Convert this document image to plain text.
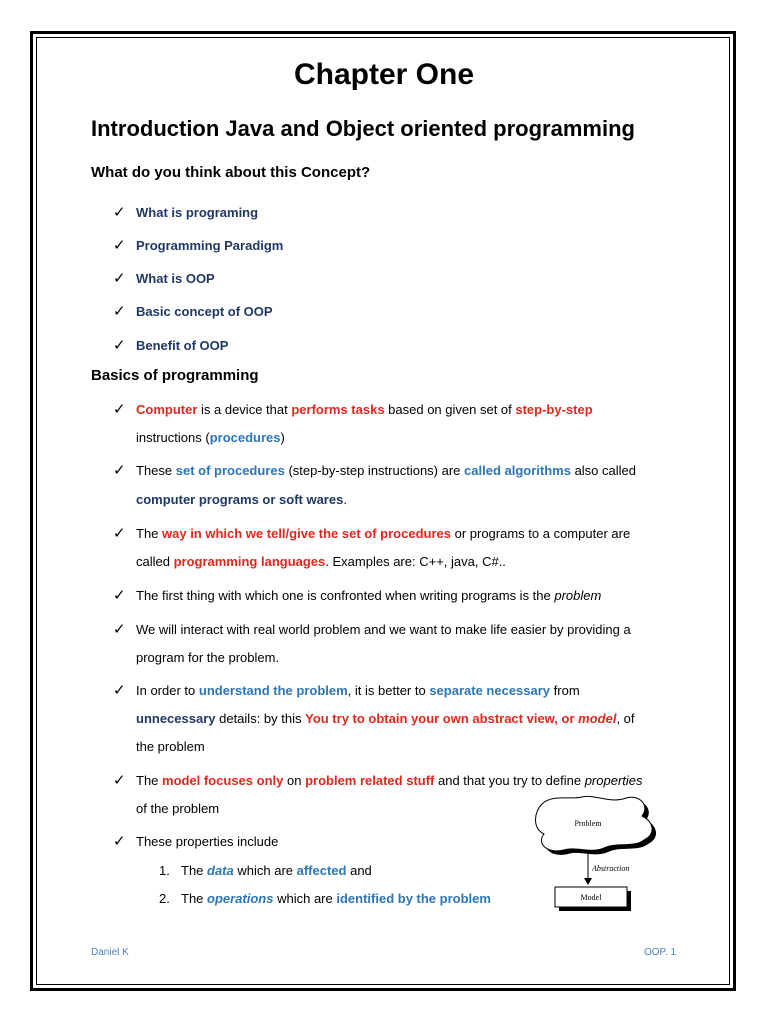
Chapter One
Introduction Java and Object oriented programming
What do you think about this Concept?
✓ What is programing
✓ Programming Paradigm
✓ What is OOP
✓ Basic concept of OOP
✓ Benefit of OOP
Basics of programming
✓ Computer is a device that performs tasks based on given set of step-by-step
instructions (procedures)
✓ These set of procedures (step-by-step instructions) are called algorithms also called
computer programs or soft wares.
✓ The way in which we tell/give the set of procedures or programs to a computer are
called programming languages. Examples are: C++, java, C#..
✓ The first thing with which one is confronted when writing programs is the problem
✓ We will interact with real world problem and we want to make life easier by providing a
program for the problem.
✓ In order to understand the problem, it is better to separate necessary from
unnecessary details: by this You try to obtain your own abstract view, or model, of
the problem
✓ The model focuses only on problem related stuff and that you try to define properties
of the problem
✓ These properties include
1. The data which are affected and
2. The operations which are identified by the problem
Problem
Abstraction
Model
Daniel K	OOP. 1
